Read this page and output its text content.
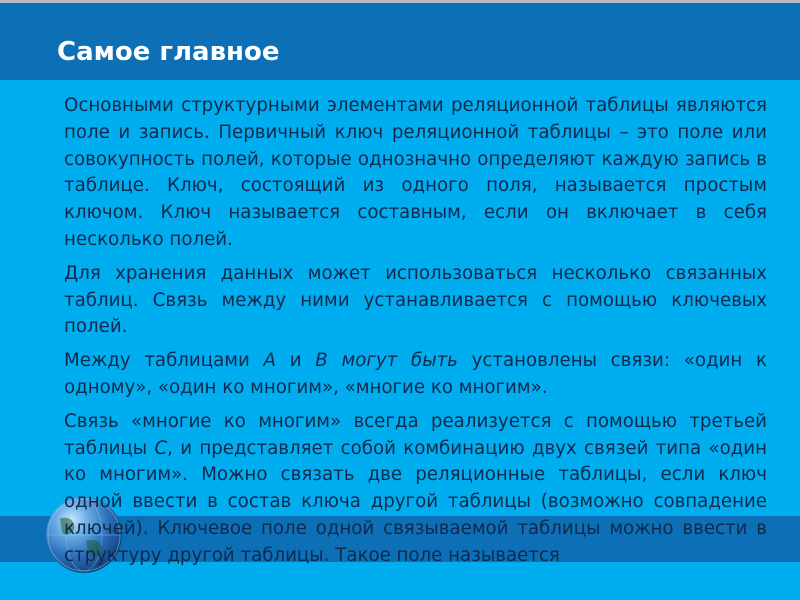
Самое главное

Основными структурными элементами реляционной таблицы являются поле и запись. Первичный ключ реляционной таблицы – это поле или совокупность полей, которые однозначно определяют каждую запись в таблице. Ключ, состоящий из одного поля, называется простым ключом. Ключ называется составным, если он включает в себя несколько полей.

Для хранения данных может использоваться несколько связанных таблиц. Связь между ними устанавливается с помощью ключевых полей.

Между таблицами А и В могут быть установлены связи: «один к одному», «один ко многим», «многие ко многим».

Связь «многие ко многим» всегда реализуется с помощью третьей таблицы С, и представляет собой комбинацию двух связей типа «один ко многим». Можно связать две реляционные таблицы, если ключ одной ввести в состав ключа другой таблицы (возможно совпадение ключей). Ключевое поле одной связываемой таблицы можно ввести в структуру другой таблицы. Такое поле называется
